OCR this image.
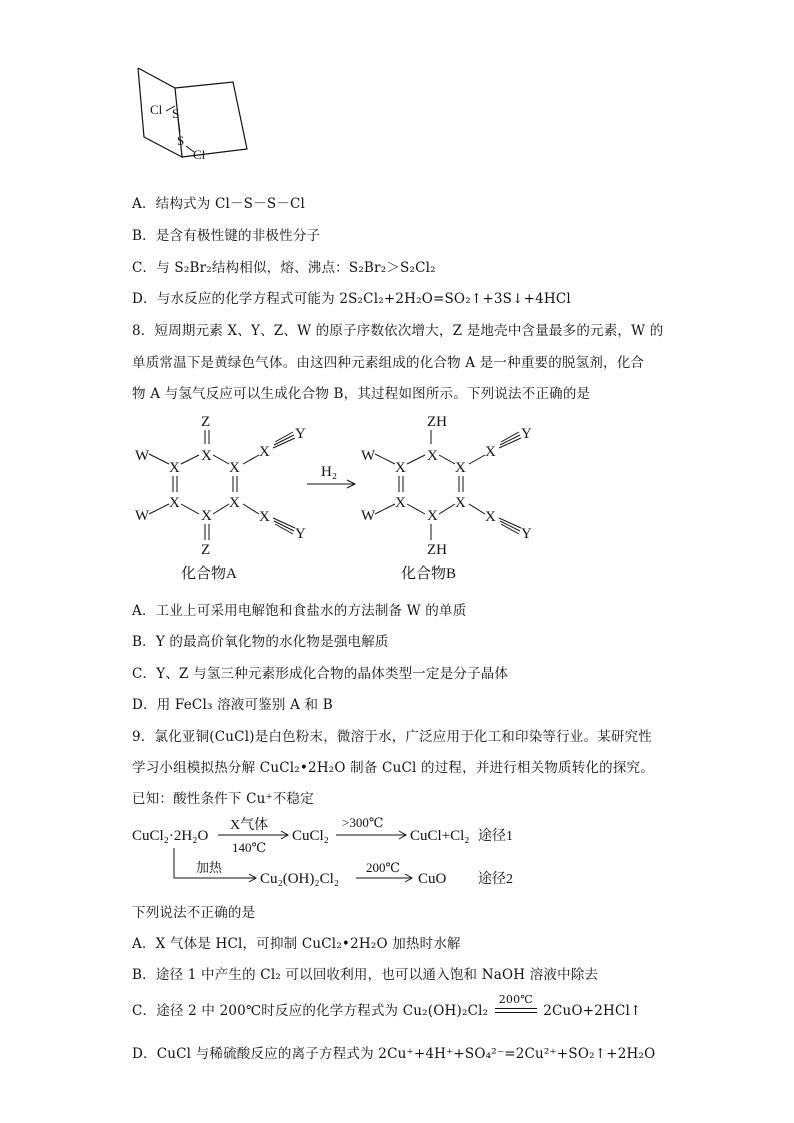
Cl S
S
Cl
A．结构式为 Cl－S－S－Cl
B．是含有极性键的非极性分子
C．与 S₂Br₂结构相似，熔、沸点：S₂Br₂＞S₂Cl₂
D．与水反应的化学方程式可能为 2S₂Cl₂+2H₂O=SO₂↑+3S↓+4HCl
8．短周期元素 X、Y、Z、W 的原子序数依次增大，Z 是地壳中含量最多的元素，W 的
单质常温下是黄绿色气体。由这四种元素组成的化合物 A 是一种重要的脱氢剂，化合
物 A 与氢气反应可以生成化合物 B，其过程如图所示。下列说法不正确的是
Z
X
X	X
W
X	X
W	X
Z
X
Y
X
Y
化合物A
H₂
ZH
X
X	X
W
X	X
W	X
ZH
X
Y
X
Y
化合物B
A．工业上可采用电解饱和食盐水的方法制备 W 的单质
B．Y 的最高价氧化物的水化物是强电解质
C．Y、Z 与氢三种元素形成化合物的晶体类型一定是分子晶体
D．用 FeCl₃ 溶液可鉴别 A 和 B
9．氯化亚铜(CuCl)是白色粉末，微溶于水，广泛应用于化工和印染等行业。某研究性
学习小组模拟热分解 CuCl₂•2H₂O 制备 CuCl 的过程，并进行相关物质转化的探究。
已知：酸性条件下 Cu⁺不稳定
CuCl₂·2H₂O
X气体
140℃
CuCl₂
>300℃
CuCl+Cl₂ 途径1
加热
Cu₂(OH)₂Cl₂
200℃
CuO 途径2
下列说法不正确的是
A．X 气体是 HCl，可抑制 CuCl₂•2H₂O 加热时水解
B．途径 1 中产生的 Cl₂ 可以回收利用，也可以通入饱和 NaOH 溶液中除去
C．途径 2 中 200℃时反应的化学方程式为 Cu₂(OH)₂Cl₂
200℃
2CuO+2HCl↑
D．CuCl 与稀硫酸反应的离子方程式为 2Cu⁺+4H⁺+SO₄²⁻=2Cu²⁺+SO₂↑+2H₂O
